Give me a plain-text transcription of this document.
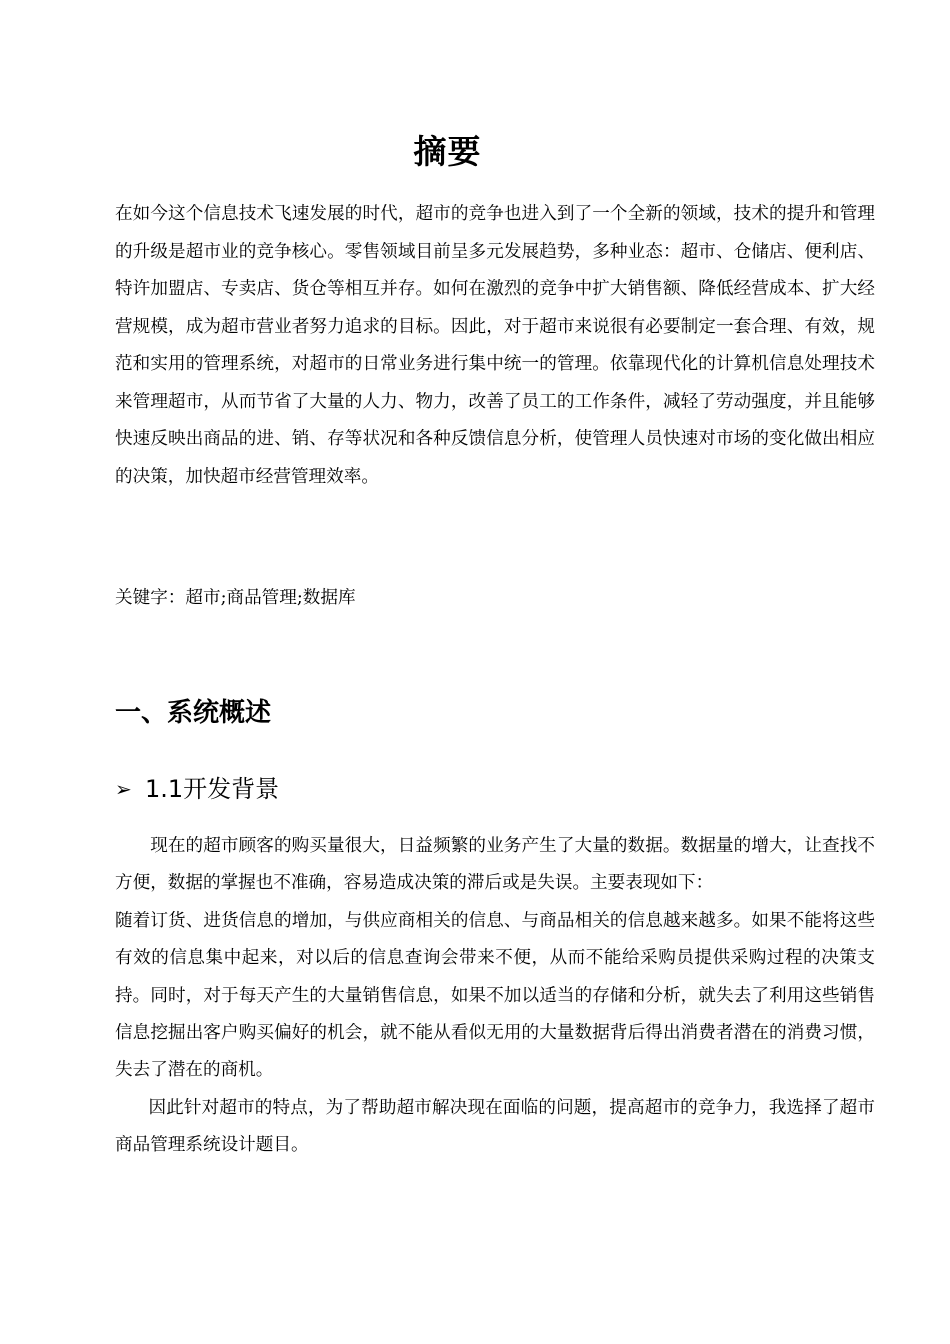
摘要
在如今这个信息技术飞速发展的时代，超市的竞争也进入到了一个全新的领域，技术的提升和管理的升级是超市业的竞争核心。零售领域目前呈多元发展趋势，多种业态：超市、仓储店、便利店、特许加盟店、专卖店、货仓等相互并存。如何在激烈的竞争中扩大销售额、降低经营成本、扩大经营规模，成为超市营业者努力追求的目标。因此，对于超市来说很有必要制定一套合理、有效，规范和实用的管理系统，对超市的日常业务进行集中统一的管理。依靠现代化的计算机信息处理技术来管理超市，从而节省了大量的人力、物力，改善了员工的工作条件，减轻了劳动强度，并且能够快速反映出商品的进、销、存等状况和各种反馈信息分析，使管理人员快速对市场的变化做出相应的决策，加快超市经营管理效率。
关键字：超市;商品管理;数据库
一、系统概述
➢ 1.1开发背景

现在的超市顾客的购买量很大，日益频繁的业务产生了大量的数据。数据量的增大，让查找不方便，数据的掌握也不准确，容易造成决策的滞后或是失误。主要表现如下：

随着订货、进货信息的增加，与供应商相关的信息、与商品相关的信息越来越多。如果不能将这些有效的信息集中起来，对以后的信息查询会带来不便，从而不能给采购员提供采购过程的决策支持。同时，对于每天产生的大量销售信息，如果不加以适当的存储和分析，就失去了利用这些销售信息挖掘出客户购买偏好的机会，就不能从看似无用的大量数据背后得出消费者潜在的消费习惯，失去了潜在的商机。

因此针对超市的特点，为了帮助超市解决现在面临的问题，提高超市的竞争力，我选择了超市商品管理系统设计题目。
